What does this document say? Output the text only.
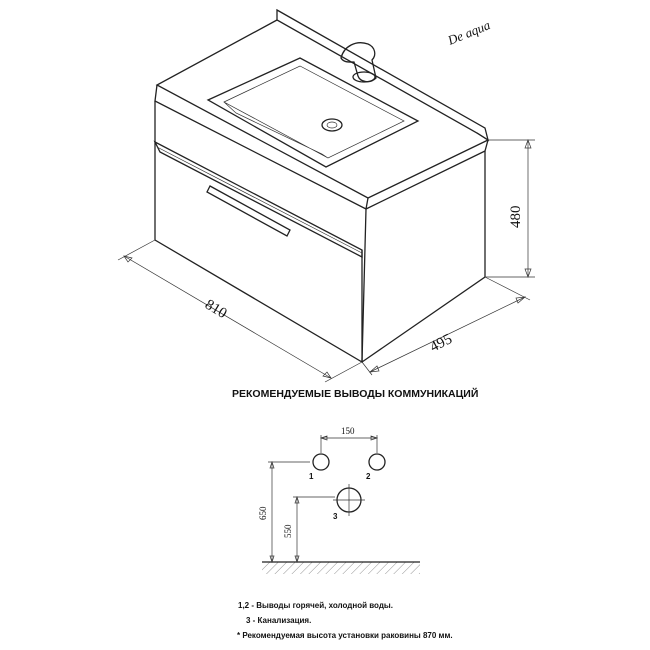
De aqua
810
480
495
РЕКОМЕНДУЕМЫЕ ВЫВОДЫ КОММУНИКАЦИЙ
150
650
550
1	2
3
1,2 - Выводы горячей, холодной воды.
3 - Канализация.
* Рекомендуемая высота установки раковины 870 мм.
